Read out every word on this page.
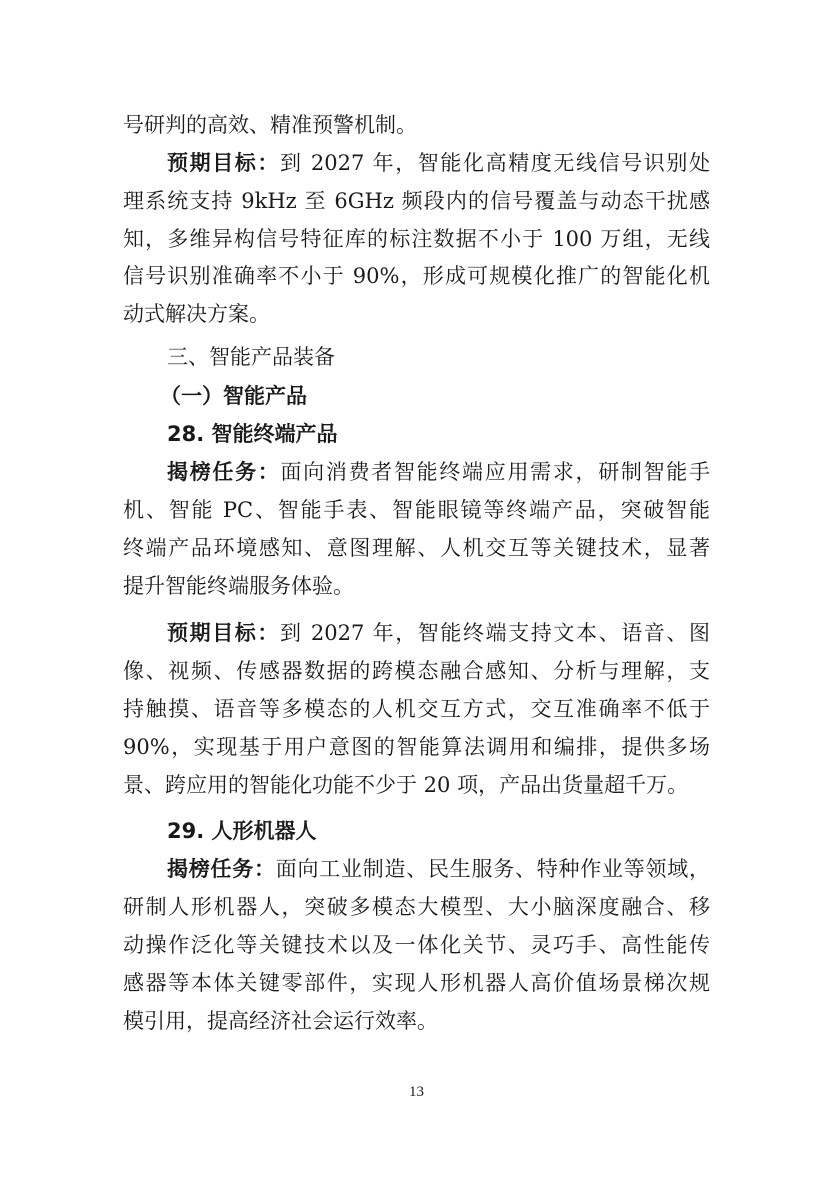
号研判的高效、精准预警机制。
预期目标：到 2027 年，智能化高精度无线信号识别处
理系统支持 9kHz 至 6GHz 频段内的信号覆盖与动态干扰感
知，多维异构信号特征库的标注数据不小于 100 万组，无线
信号识别准确率不小于 90%，形成可规模化推广的智能化机
动式解决方案。
三、智能产品装备
（一）智能产品
28. 智能终端产品
揭榜任务：面向消费者智能终端应用需求，研制智能手
机、智能 PC、智能手表、智能眼镜等终端产品，突破智能
终端产品环境感知、意图理解、人机交互等关键技术，显著
提升智能终端服务体验。
预期目标：到 2027 年，智能终端支持文本、语音、图
像、视频、传感器数据的跨模态融合感知、分析与理解，支
持触摸、语音等多模态的人机交互方式，交互准确率不低于
90%，实现基于用户意图的智能算法调用和编排，提供多场
景、跨应用的智能化功能不少于 20 项，产品出货量超千万。
29. 人形机器人
揭榜任务：面向工业制造、民生服务、特种作业等领域，
研制人形机器人，突破多模态大模型、大小脑深度融合、移
动操作泛化等关键技术以及一体化关节、灵巧手、高性能传
感器等本体关键零部件，实现人形机器人高价值场景梯次规
模引用，提高经济社会运行效率。
13
